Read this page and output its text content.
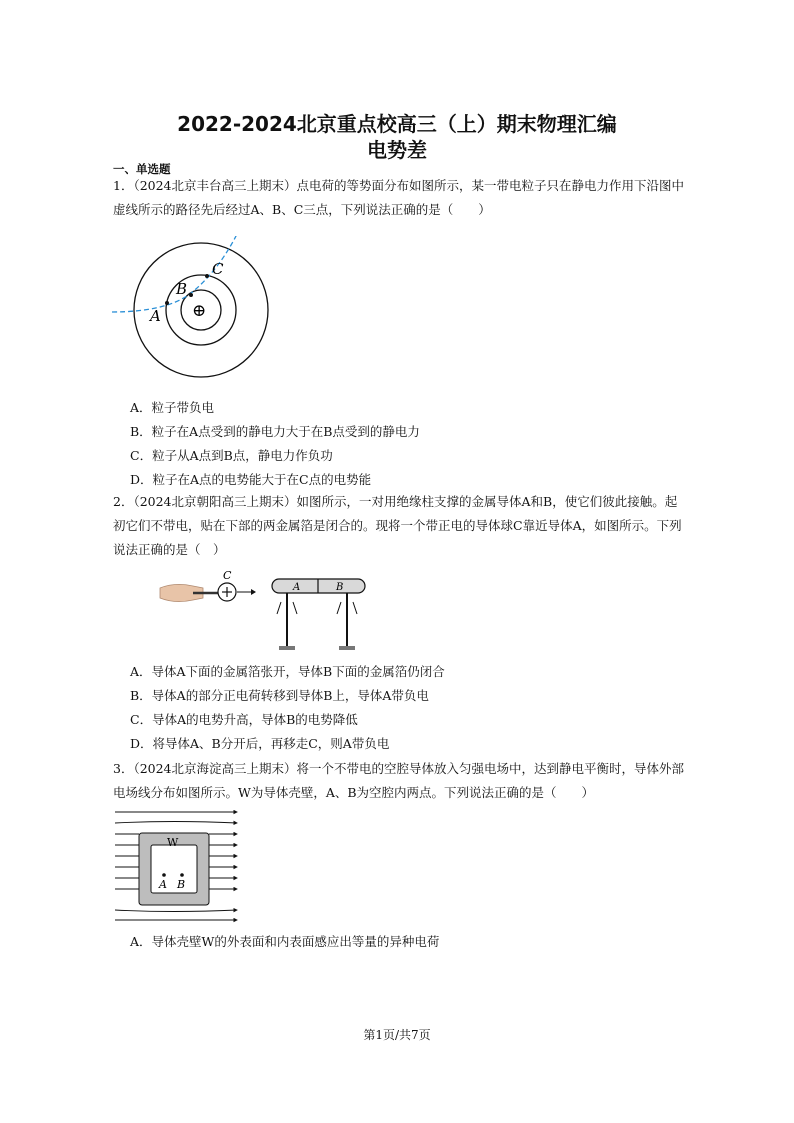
2022-2024北京重点校高三（上）期末物理汇编
电势差
一、单选题
1．（2024北京丰台高三上期末）点电荷的等势面分布如图所示，某一带电粒子只在静电力作用下沿图中虚线所示的路径先后经过A、B、C三点，下列说法正确的是（　　）
A
B
C
⊕
A．粒子带负电
B．粒子在A点受到的静电力大于在B点受到的静电力
C．粒子从A点到B点，静电力作负功
D．粒子在A点的电势能大于在C点的电势能
2．（2024北京朝阳高三上期末）如图所示，一对用绝缘柱支撑的金属导体A和B，使它们彼此接触。起初它们不带电，贴在下部的两金属箔是闭合的。现将一个带正电的导体球C靠近导体A，如图所示。下列说法正确的是（　）
C
A	B
A．导体A下面的金属箔张开，导体B下面的金属箔仍闭合
B．导体A的部分正电荷转移到导体B上，导体A带负电
C．导体A的电势升高，导体B的电势降低
D．将导体A、B分开后，再移走C，则A带负电
3．（2024北京海淀高三上期末）将一个不带电的空腔导体放入匀强电场中，达到静电平衡时，导体外部电场线分布如图所示。W为导体壳壁，A、B为空腔内两点。下列说法正确的是（　　）
W
A B
A．导体壳壁W的外表面和内表面感应出等量的异种电荷
第1页/共7页
